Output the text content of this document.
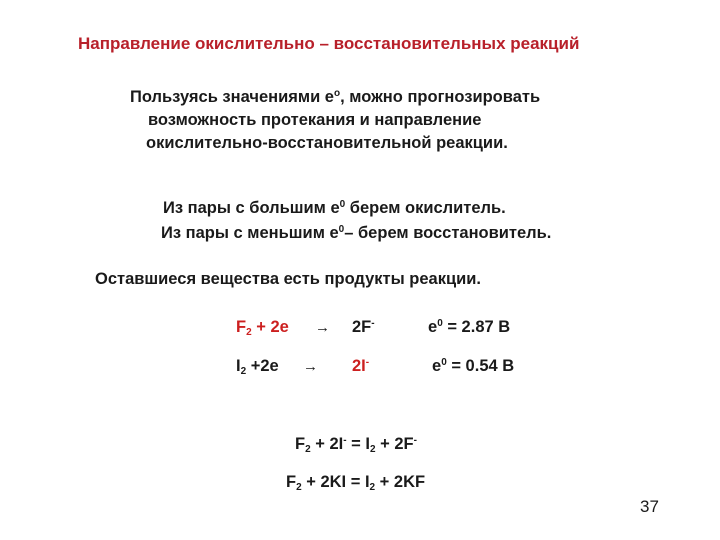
Направление окислительно – восстановительных реакций
Пользуясь значениями $е^о$, можно прогнозировать
возможность протекания и направление
окислительно-восстановительной реакции.
Из пары с большим $е^0$ берем окислитель.
Из пары с меньшим $е^0-$ берем восстановитель.
Оставшиеся вещества есть продукты реакции.
$F_2 + 2e \to 2F^-$	$e^0 = 2.87$ В
$I_2 +2e \to 2I^-$	$e^0 = 0.54$ В
$F_2 + 2I^- = I_2 + 2F^-$
$F_2 + 2KI = I_2 + 2KF$
37
